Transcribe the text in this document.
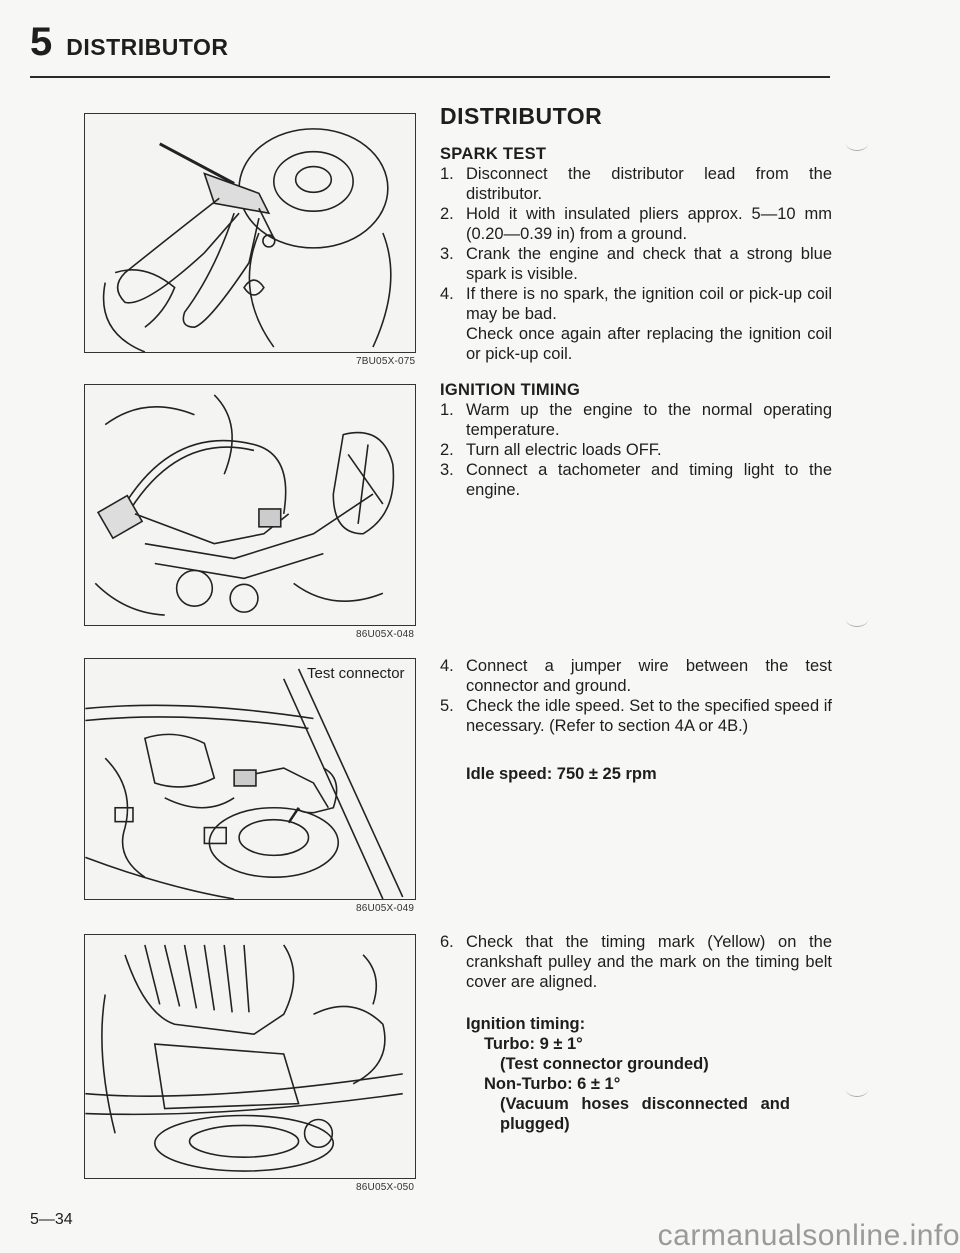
5 DISTRIBUTOR
7BU05X-075
86U05X-048
Test connector
86U05X-049
86U05X-050
DISTRIBUTOR
SPARK TEST
1. Disconnect the distributor lead from the distributor.
2. Hold it with insulated pliers approx. 5—10 mm (0.20—0.39 in) from a ground.
3. Crank the engine and check that a strong blue spark is visible.
4. If there is no spark, the ignition coil or pick-up coil may be bad.
Check once again after replacing the ignition coil or pick-up coil.
IGNITION TIMING
1. Warm up the engine to the normal operating temperature.
2. Turn all electric loads OFF.
3. Connect a tachometer and timing light to the engine.
4. Connect a jumper wire between the test connector and ground.
5. Check the idle speed. Set to the specified speed if necessary. (Refer to section 4A or 4B.)
Idle speed: 750 ± 25 rpm
6. Check that the timing mark (Yellow) on the crankshaft pulley and the mark on the timing belt cover are aligned.
Ignition timing:
Turbo: 9 ± 1°
(Test connector grounded)
Non-Turbo: 6 ± 1°
(Vacuum hoses disconnected and plugged)
5—34	carmanualsonline.info
